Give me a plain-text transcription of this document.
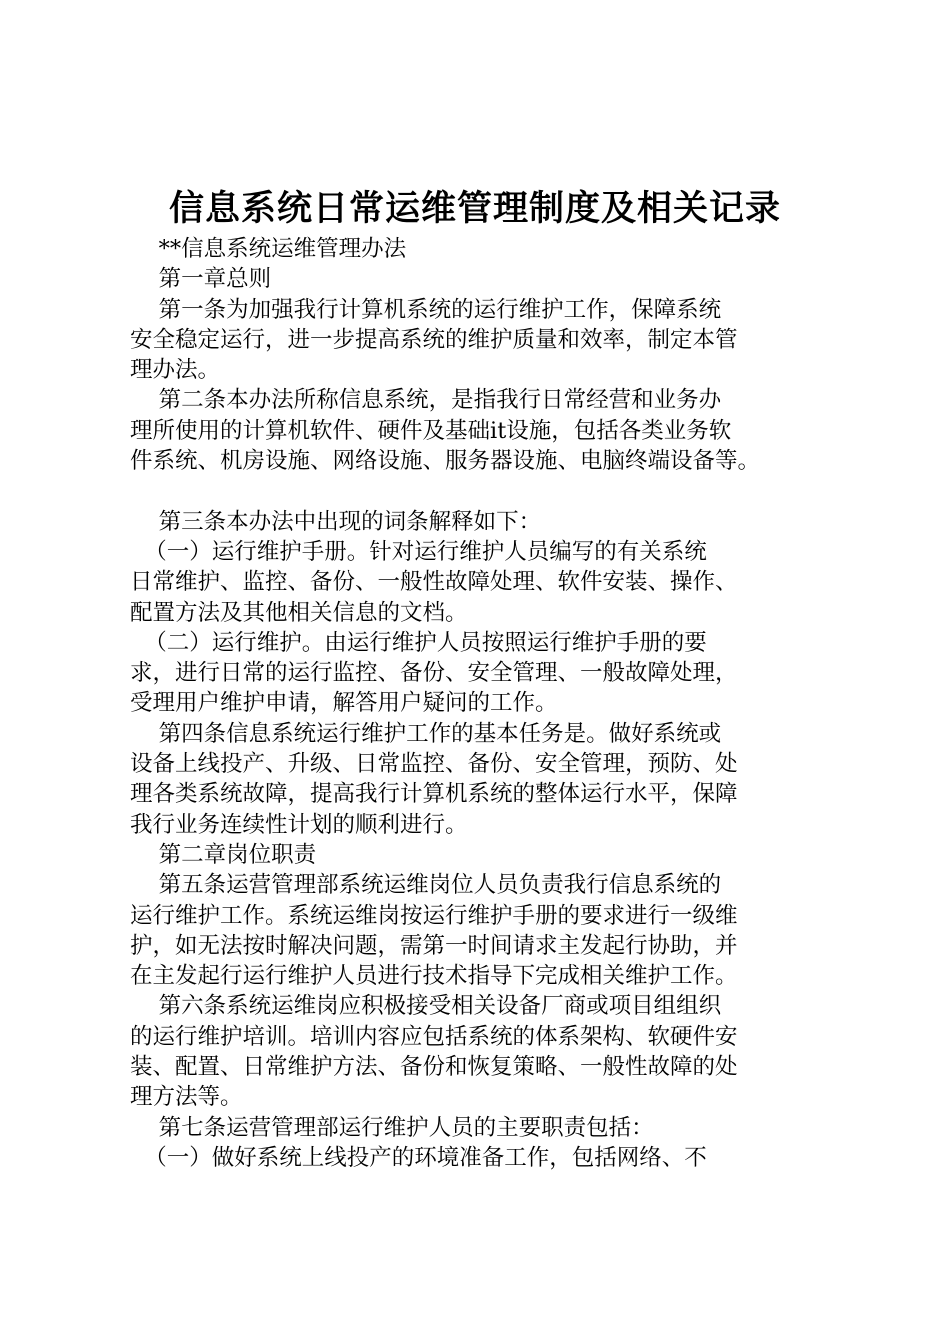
信息系统日常运维管理制度及相关记录
**信息系统运维管理办法
第一章总则
第一条为加强我行计算机系统的运行维护工作，保障系统
安全稳定运行，进一步提高系统的维护质量和效率，制定本管
理办法。
第二条本办法所称信息系统，是指我行日常经营和业务办
理所使用的计算机软件、硬件及基础it设施，包括各类业务软
件系统、机房设施、网络设施、服务器设施、电脑终端设备等。
第三条本办法中出现的词条解释如下：
（一）运行维护手册。针对运行维护人员编写的有关系统
日常维护、监控、备份、一般性故障处理、软件安装、操作、
配置方法及其他相关信息的文档。
（二）运行维护。由运行维护人员按照运行维护手册的要
求，进行日常的运行监控、备份、安全管理、一般故障处理，
受理用户维护申请，解答用户疑问的工作。
第四条信息系统运行维护工作的基本任务是。做好系统或
设备上线投产、升级、日常监控、备份、安全管理，预防、处
理各类系统故障，提高我行计算机系统的整体运行水平，保障
我行业务连续性计划的顺利进行。
第二章岗位职责
第五条运营管理部系统运维岗位人员负责我行信息系统的
运行维护工作。系统运维岗按运行维护手册的要求进行一级维
护，如无法按时解决问题，需第一时间请求主发起行协助，并
在主发起行运行维护人员进行技术指导下完成相关维护工作。
第六条系统运维岗应积极接受相关设备厂商或项目组组织
的运行维护培训。培训内容应包括系统的体系架构、软硬件安
装、配置、日常维护方法、备份和恢复策略、一般性故障的处
理方法等。
第七条运营管理部运行维护人员的主要职责包括：
（一）做好系统上线投产的环境准备工作，包括网络、不
